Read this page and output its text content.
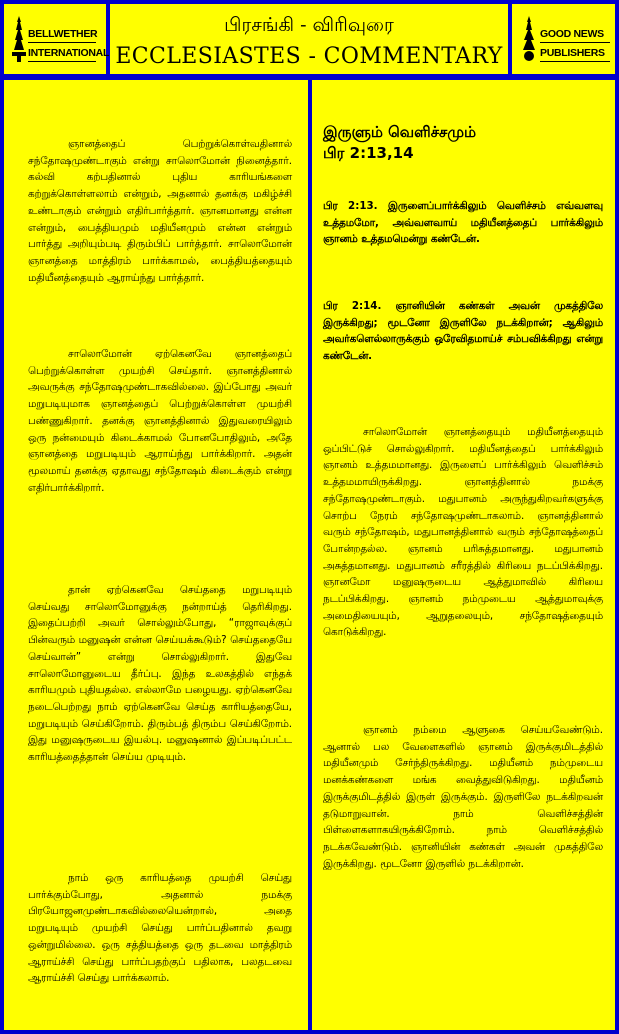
BELLWETHER
INTERNATIONAL
பிரசங்கி - விரிவுரை
ECCLESIASTES - COMMENTARY
GOOD NEWS
PUBLISHERS

ஞானத்தைப் பெற்றுக்கொள்வதினால் சந்தோஷமுண்டாகும் என்று சாலொமோன் நினைத்தார். கல்வி கற்பதினால் புதிய காரியங்களை கற்றுக்கொள்ளலாம் என்றும், அதனால் தனக்கு மகிழ்ச்சி உண்டாகும் என்றும் எதிர்பார்த்தார். ஞானமானது என்ன என்றும், பைத்தியமும் மதியீனமும் என்ன என்றும் பார்த்து அறியும்படி திரும்பிப் பார்த்தார். சாலொமோன் ஞானத்தை மாத்திரம் பார்க்காமல், பைத்தியத்தையும் மதியீனத்தையும் ஆராய்ந்து பார்த்தார்.

சாலொமோன் ஏற்கெனவே ஞானத்தைப் பெற்றுக்கொள்ள முயற்சி செய்தார். ஞானத்தினால் அவருக்கு சந்தோஷமுண்டாகவில்லை. இப்போது அவர் மறுபடியுமாக ஞானத்தைப் பெற்றுக்கொள்ள முயற்சி பண்ணுகிறார். தனக்கு ஞானத்தினால் இதுவரையிலும் ஒரு நன்மையும் கிடைக்காமல் போனபோதிலும், அதே ஞானத்தை மறுபடியும் ஆராய்ந்து பார்க்கிறார். அதன் மூலமாய் தனக்கு ஏதாவது சந்தோஷம் கிடைக்கும் என்று எதிர்பார்க்கிறார்.

தான் ஏற்கெனவே செய்ததை மறுபடியும் செய்வது சாலொமோனுக்கு நன்றாய்த் தெரிகிறது. இதைப்பற்றி அவர் சொல்லும்போது, “ராஜாவுக்குப் பின்வரும் மனுஷன் என்ன செய்யக்கூடும்? செய்ததையே செய்வான்” என்று சொல்லுகிறார். இதுவே சாலொமோனுடைய தீர்ப்பு. இந்த உலகத்தில் எந்தக் காரியமும் புதியதல்ல. எல்லாமே பழையது. ஏற்கெனவே நடைபெற்றது நாம் ஏற்கெனவே செய்த காரியத்தையே, மறுபடியும் செய்கிறோம். திரும்பத் திரும்ப செய்கிறோம். இது மனுஷருடைய இயல்பு. மனுஷனால் இப்படிப்பட்ட காரியத்தைத்தான் செய்ய முடியும்.

நாம் ஒரு காரியத்தை முயற்சி செய்து பார்க்கும்போது, அதனால் நமக்கு பிரயோஜனமுண்டாகவில்லையென்றால், அதை மறுபடியும் முயற்சி செய்து பார்ப்பதினால் தவறு ஒன்றுமில்லை. ஒரு சத்தியத்தை ஒரு தடவை மாத்திரம் ஆராய்ச்சி செய்து பார்ப்பதற்குப் பதிலாக, பலதடவை ஆராய்ச்சி செய்து பார்க்கலாம்.

இருளும் வெளிச்சமும்
பிர 2:13,14

பிர 2:13. இருளைப்பார்க்கிலும் வெளிச்சம் எவ்வளவு உத்தமமோ, அவ்வளவாய் மதியீனத்தைப் பார்க்கிலும் ஞானம் உத்தமமென்று கண்டேன்.

பிர 2:14. ஞானியின் கண்கள் அவன் முகத்திலே இருக்கிறது; மூடனோ இருளிலே நடக்கிறான்; ஆகிலும் அவர்களெல்லாருக்கும் ஒரேவிதமாய்ச் சம்பவிக்கிறது என்று கண்டேன்.

சாலொமோன் ஞானத்தையும் மதியீனத்தையும் ஒப்பிட்டுச் சொல்லுகிறார். மதியீனத்தைப் பார்க்கிலும் ஞானம் உத்தமமானது. இருளைப் பார்க்கிலும் வெளிச்சம் உத்தமமாயிருக்கிறது. ஞானத்தினால் நமக்கு சந்தோஷமுண்டாகும். மதுபானம் அருந்துகிறவர்களுக்கு சொற்ப நேரம் சந்தோஷமுண்டாகலாம். ஞானத்தினால் வரும் சந்தோஷம், மதுபானத்தினால் வரும் சந்தோஷத்தைப் போன்றதல்ல. ஞானம் பரிசுத்தமானது. மதுபானம் அசுத்தமானது. மதுபானம் சரீரத்தில் கிரியை நடப்பிக்கிறது. ஞானமோ மனுஷருடைய ஆத்துமாவில் கிரியை நடப்பிக்கிறது. ஞானம் நம்முடைய ஆத்துமாவுக்கு அமைதியையும், ஆறுதலையும், சந்தோஷத்தையும் கொடுக்கிறது.

ஞானம் நம்மை ஆளுகை செய்யவேண்டும். ஆனால் பல வேளைகளில் ஞானம் இருக்குமிடத்தில் மதியீனமும் சேர்ந்திருக்கிறது. மதியீனம் நம்முடைய மனக்கண்களை மங்க வைத்துவிடுகிறது. மதியீனம் இருக்குமிடத்தில் இருள் இருக்கும். இருளிலே நடக்கிறவன் தடுமாறுவான். நாம் வெளிச்சத்தின் பிள்ளைகளாகயிருக்கிறோம். நாம் வெளிச்சத்தில் நடக்கவேண்டும். ஞானியின் கண்கள் அவன் முகத்திலே இருக்கிறது. மூடனோ இருளில் நடக்கிறான்.
